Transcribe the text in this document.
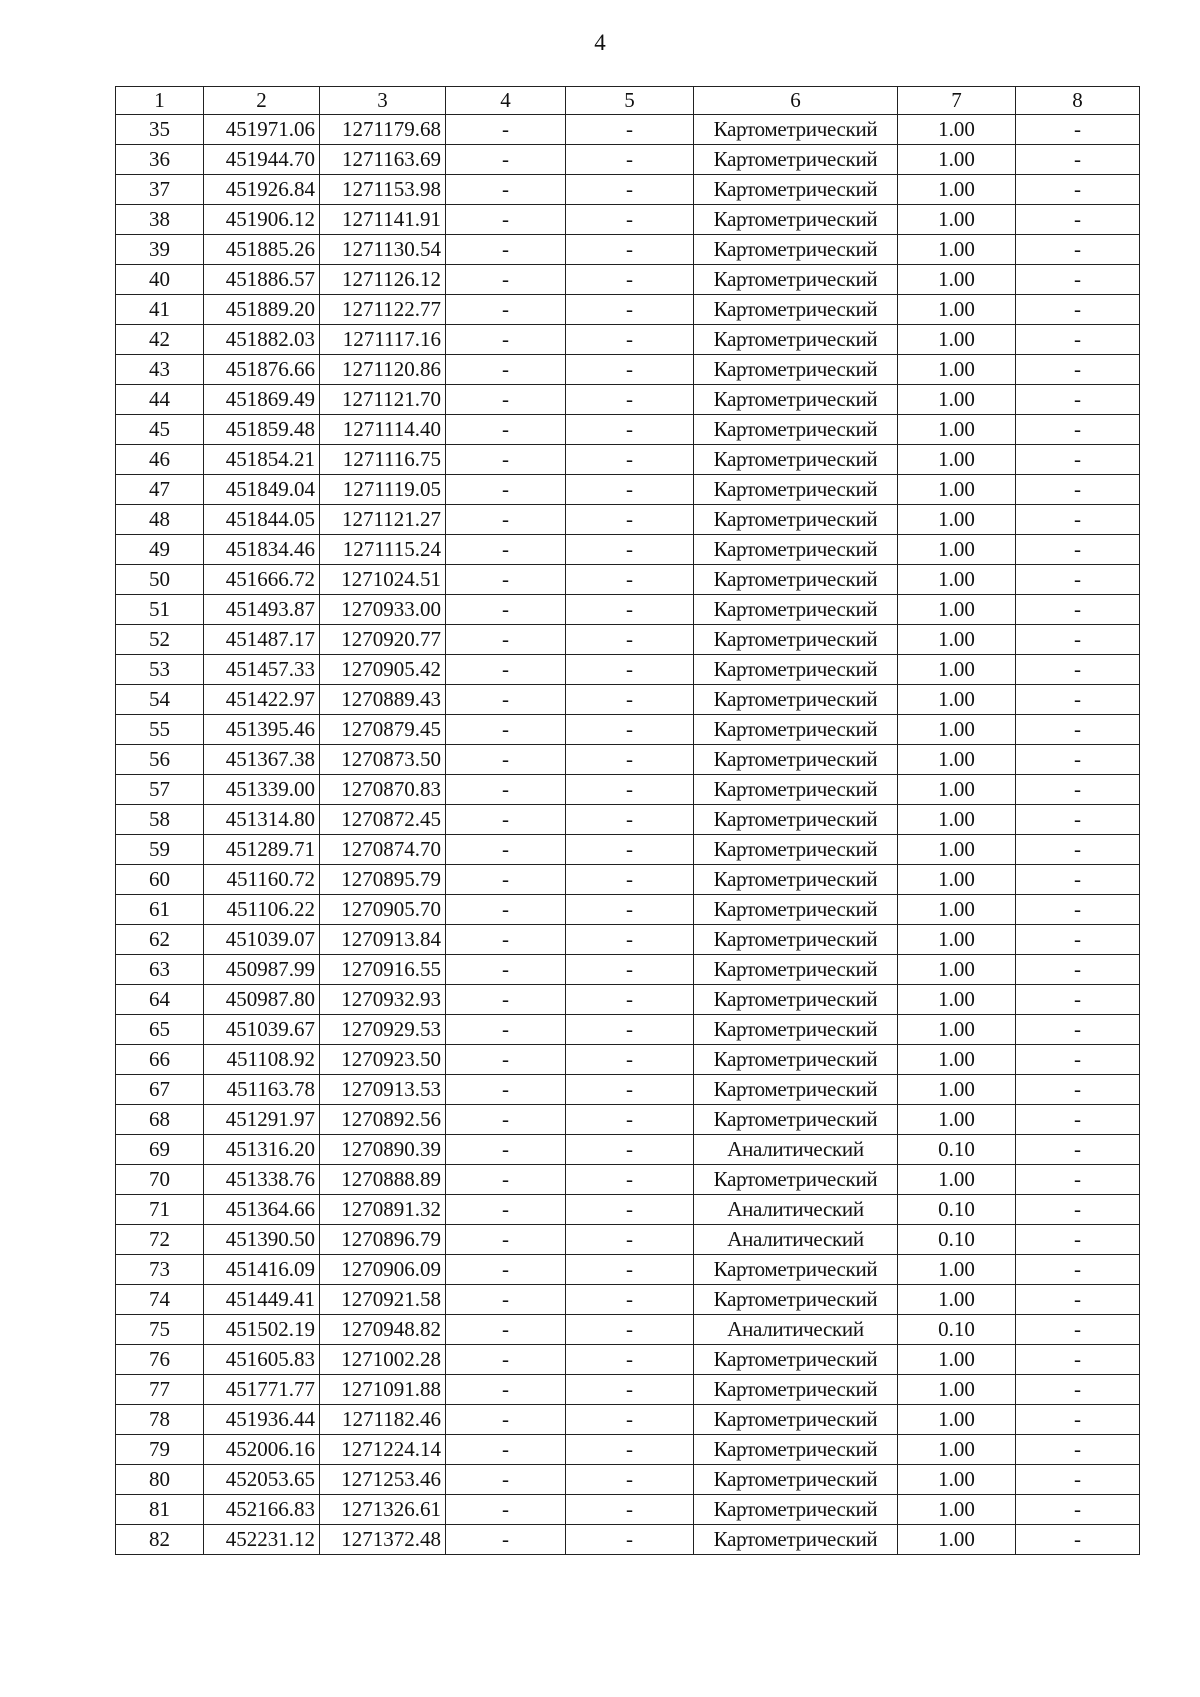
4
1	2	3	4	5	6	7	8
35	451971.06	1271179.68	-	-	Картометрический	1.00	-
36	451944.70	1271163.69	-	-	Картометрический	1.00	-
37	451926.84	1271153.98	-	-	Картометрический	1.00	-
38	451906.12	1271141.91	-	-	Картометрический	1.00	-
39	451885.26	1271130.54	-	-	Картометрический	1.00	-
40	451886.57	1271126.12	-	-	Картометрический	1.00	-
41	451889.20	1271122.77	-	-	Картометрический	1.00	-
42	451882.03	1271117.16	-	-	Картометрический	1.00	-
43	451876.66	1271120.86	-	-	Картометрический	1.00	-
44	451869.49	1271121.70	-	-	Картометрический	1.00	-
45	451859.48	1271114.40	-	-	Картометрический	1.00	-
46	451854.21	1271116.75	-	-	Картометрический	1.00	-
47	451849.04	1271119.05	-	-	Картометрический	1.00	-
48	451844.05	1271121.27	-	-	Картометрический	1.00	-
49	451834.46	1271115.24	-	-	Картометрический	1.00	-
50	451666.72	1271024.51	-	-	Картометрический	1.00	-
51	451493.87	1270933.00	-	-	Картометрический	1.00	-
52	451487.17	1270920.77	-	-	Картометрический	1.00	-
53	451457.33	1270905.42	-	-	Картометрический	1.00	-
54	451422.97	1270889.43	-	-	Картометрический	1.00	-
55	451395.46	1270879.45	-	-	Картометрический	1.00	-
56	451367.38	1270873.50	-	-	Картометрический	1.00	-
57	451339.00	1270870.83	-	-	Картометрический	1.00	-
58	451314.80	1270872.45	-	-	Картометрический	1.00	-
59	451289.71	1270874.70	-	-	Картометрический	1.00	-
60	451160.72	1270895.79	-	-	Картометрический	1.00	-
61	451106.22	1270905.70	-	-	Картометрический	1.00	-
62	451039.07	1270913.84	-	-	Картометрический	1.00	-
63	450987.99	1270916.55	-	-	Картометрический	1.00	-
64	450987.80	1270932.93	-	-	Картометрический	1.00	-
65	451039.67	1270929.53	-	-	Картометрический	1.00	-
66	451108.92	1270923.50	-	-	Картометрический	1.00	-
67	451163.78	1270913.53	-	-	Картометрический	1.00	-
68	451291.97	1270892.56	-	-	Картометрический	1.00	-
69	451316.20	1270890.39	-	-	Аналитический	0.10	-
70	451338.76	1270888.89	-	-	Картометрический	1.00	-
71	451364.66	1270891.32	-	-	Аналитический	0.10	-
72	451390.50	1270896.79	-	-	Аналитический	0.10	-
73	451416.09	1270906.09	-	-	Картометрический	1.00	-
74	451449.41	1270921.58	-	-	Картометрический	1.00	-
75	451502.19	1270948.82	-	-	Аналитический	0.10	-
76	451605.83	1271002.28	-	-	Картометрический	1.00	-
77	451771.77	1271091.88	-	-	Картометрический	1.00	-
78	451936.44	1271182.46	-	-	Картометрический	1.00	-
79	452006.16	1271224.14	-	-	Картометрический	1.00	-
80	452053.65	1271253.46	-	-	Картометрический	1.00	-
81	452166.83	1271326.61	-	-	Картометрический	1.00	-
82	452231.12	1271372.48	-	-	Картометрический	1.00	-
